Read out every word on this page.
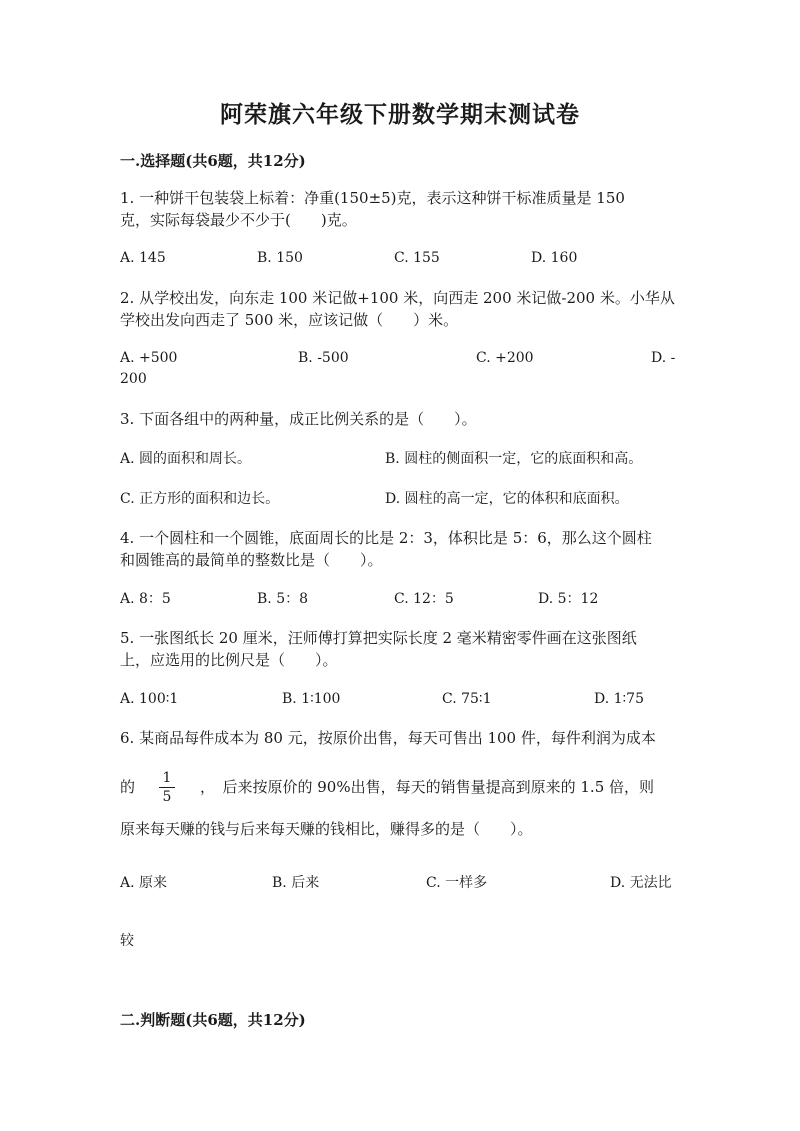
阿荣旗六年级下册数学期末测试卷
一.选择题(共6题，共12分)
1. 一种饼干包装袋上标着：净重(150±5)克，表示这种饼干标准质量是 150
克，实际每袋最少不少于(　　)克。
A. 145	B. 150	C. 155	D. 160
2. 从学校出发，向东走 100 米记做+100 米，向西走 200 米记做-200 米。小华从
学校出发向西走了 500 米，应该记做（　　）米。
A. +500	B. -500	C. +200	D. -
200
3. 下面各组中的两种量，成正比例关系的是（　　）。
A. 圆的面积和周长。	B. 圆柱的侧面积一定，它的底面积和高。
C. 正方形的面积和边长。	D. 圆柱的高一定，它的体积和底面积。
4. 一个圆柱和一个圆锥，底面周长的比是 2：3，体积比是 5：6，那么这个圆柱
和圆锥高的最简单的整数比是（　　）。
A. 8：5	B. 5：8	C. 12：5	D. 5：12
5. 一张图纸长 20 厘米，汪师傅打算把实际长度 2 毫米精密零件画在这张图纸
上，应选用的比例尺是（　　）。
A. 100∶1	B. 1∶100	C. 75∶1	D. 1∶75
6. 某商品每件成本为 80 元，按原价出售，每天可售出 100 件，每件利润为成本
的 1
5
，　后来按原价的 90%出售，每天的销售量提高到原来的 1.5 倍，则
原来每天赚的钱与后来每天赚的钱相比，赚得多的是（　　）。
A. 原来	B. 后来	C. 一样多	D. 无法比
较
二.判断题(共6题，共12分)
